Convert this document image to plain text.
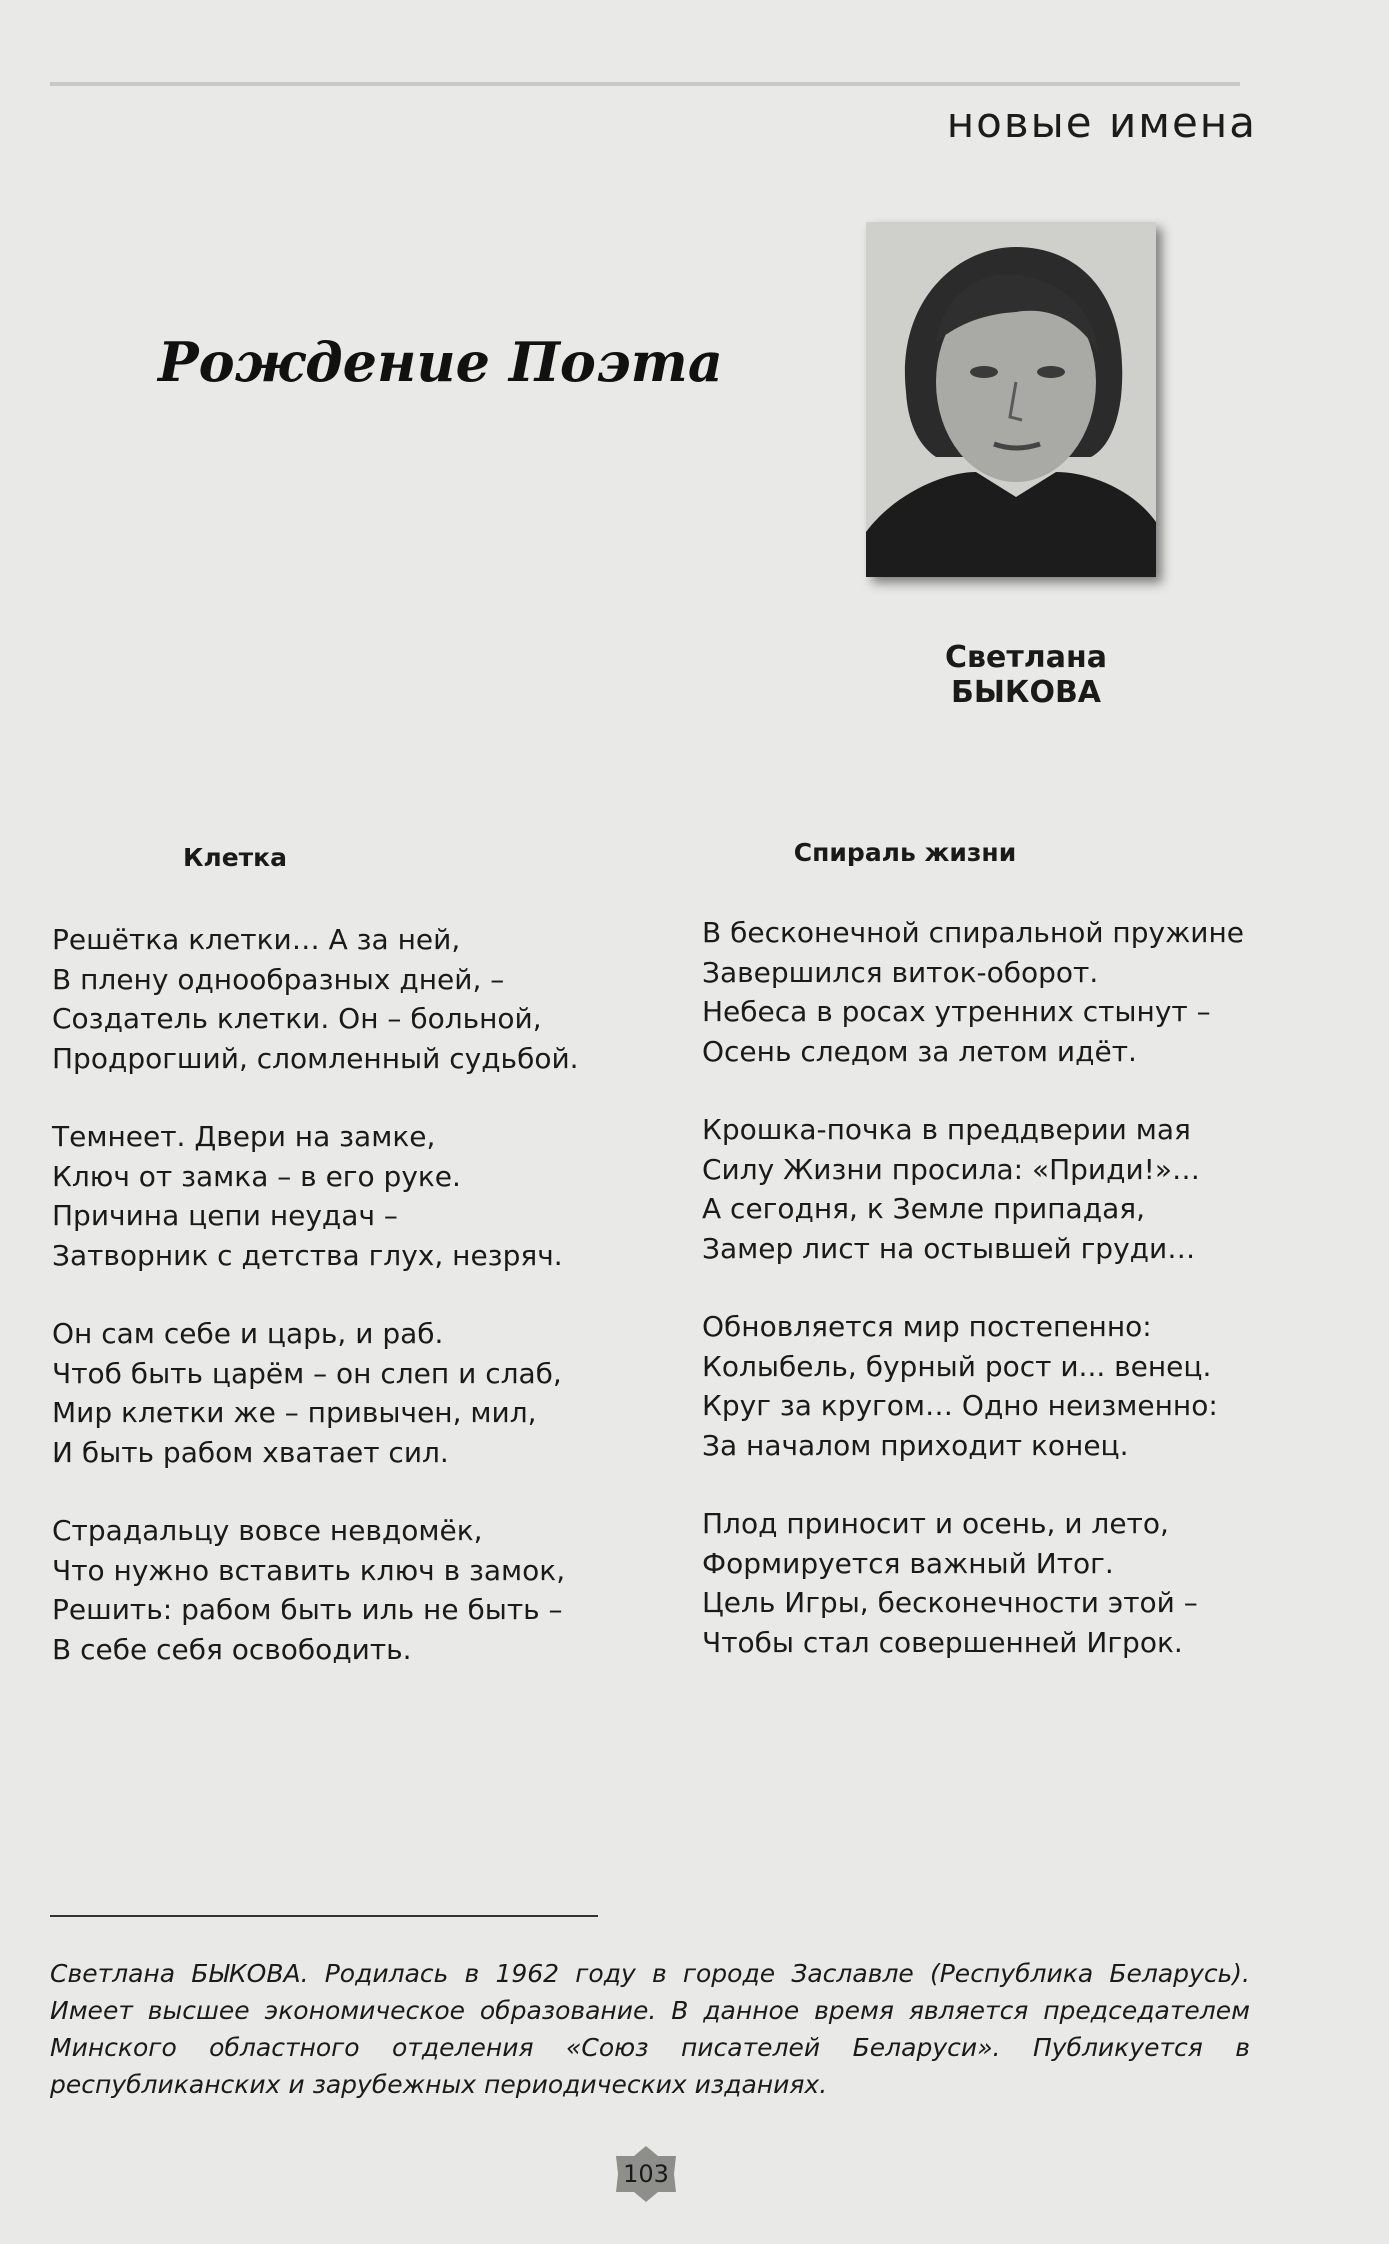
новые имена
Рождение Поэта
Светлана БЫКОВА
Клетка
Решётка клетки… А за ней,
В плену однообразных дней, –
Создатель клетки. Он – больной,
Продрогший, сломленный судьбой.
Темнеет. Двери на замке,
Ключ от замка – в его руке.
Причина цепи неудач –
Затворник с детства глух, незряч.
Он сам себе и царь, и раб.
Чтоб быть царём – он слеп и слаб,
Мир клетки же – привычен, мил,
И быть рабом хватает сил.
Страдальцу вовсе невдомёк,
Что нужно вставить ключ в замок,
Решить: рабом быть иль не быть –
В себе себя освободить.
Спираль жизни
В бесконечной спиральной пружине
Завершился виток-оборот.
Небеса в росах утренних стынут –
Осень следом за летом идёт.
Крошка-почка в преддверии мая
Силу Жизни просила: «Приди!»…
А сегодня, к Земле припадая,
Замер лист на остывшей груди…
Обновляется мир постепенно:
Колыбель, бурный рост и... венец.
Круг за кругом… Одно неизменно:
За началом приходит конец.
Плод приносит и осень, и лето,
Формируется важный Итог.
Цель Игры, бесконечности этой –
Чтобы стал совершенней Игрок.
Светлана БЫКОВА. Родилась в 1962 году в городе Заславле (Республика Беларусь). Имеет высшее экономическое образование. В данное время является председателем Минского областного отделения «Союз писателей Беларуси». Публикуется в республиканских и зарубежных периодических изданиях.
103
